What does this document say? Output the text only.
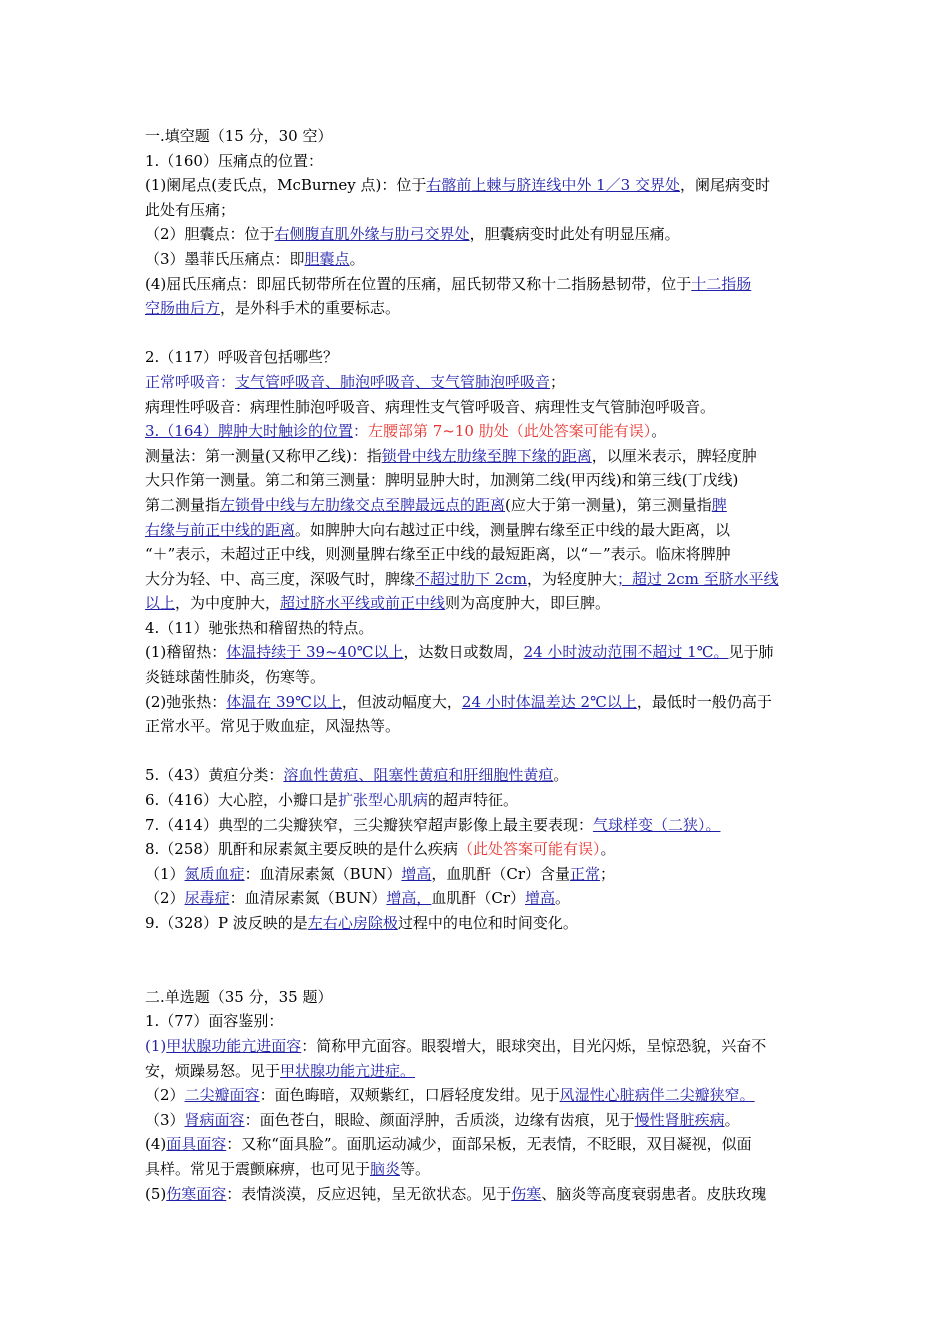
一.填空题（15 分，30 空）
1.（160）压痛点的位置：
(1)阑尾点(麦氏点，McBurney 点)：位于右髂前上棘与脐连线中外 1／3 交界处，阑尾病变时
此处有压痛；
（2）胆囊点：位于右侧腹直肌外缘与肋弓交界处，胆囊病变时此处有明显压痛。
（3）墨菲氏压痛点：即胆囊点。
(4)屈氏压痛点：即屈氏韧带所在位置的压痛，屈氏韧带又称十二指肠悬韧带，位于十二指肠
空肠曲后方，是外科手术的重要标志。
2.（117）呼吸音包括哪些？
正常呼吸音：支气管呼吸音、肺泡呼吸音、支气管肺泡呼吸音；
病理性呼吸音：病理性肺泡呼吸音、病理性支气管呼吸音、病理性支气管肺泡呼吸音。
3.（164）脾肿大时触诊的位置：左腰部第 7~10 肋处（此处答案可能有误）。
测量法：第一测量(又称甲乙线)：指锁骨中线左肋缘至脾下缘的距离，以厘米表示，脾轻度肿
大只作第一测量。第二和第三测量：脾明显肿大时，加测第二线(甲丙线)和第三线(丁戊线)
第二测量指左锁骨中线与左肋缘交点至脾最远点的距离(应大于第一测量)，第三测量指脾
右缘与前正中线的距离。如脾肿大向右越过正中线，测量脾右缘至正中线的最大距离，以
“＋”表示，未超过正中线，则测量脾右缘至正中线的最短距离，以“－”表示。临床将脾肿
大分为轻、中、高三度，深吸气时，脾缘不超过肋下 2cm，为轻度肿大；超过 2cm 至脐水平线
以上，为中度肿大，超过脐水平线或前正中线则为高度肿大，即巨脾。
4.（11）驰张热和稽留热的特点。
(1)稽留热：体温持续于 39~40℃以上，达数日或数周，24 小时波动范围不超过 1℃。见于肺
炎链球菌性肺炎，伤寒等。
(2)弛张热：体温在 39℃以上，但波动幅度大，24 小时体温差达 2℃以上，最低时一般仍高于
正常水平。常见于败血症，风湿热等。
5.（43）黄疸分类：溶血性黄疸、阻塞性黄疸和肝细胞性黄疸。
6.（416）大心腔，小瓣口是扩张型心肌病的超声特征。
7.（414）典型的二尖瓣狭窄，三尖瓣狭窄超声影像上最主要表现：气球样变（二狭）。
8.（258）肌酐和尿素氮主要反映的是什么疾病（此处答案可能有误）。
（1）氮质血症：血清尿素氮（BUN）增高，血肌酐（Cr）含量正常；
（2）尿毒症：血清尿素氮（BUN）增高，血肌酐（Cr）增高。
9.（328）P 波反映的是左右心房除极过程中的电位和时间变化。
二.单选题（35 分，35 题）
1.（77）面容鉴别：
(1)甲状腺功能亢进面容：简称甲亢面容。眼裂增大，眼球突出，目光闪烁，呈惊恐貌，兴奋不
安，烦躁易怒。见于甲状腺功能亢进症。
（2）二尖瓣面容：面色晦暗，双颊紫红，口唇轻度发绀。见于风湿性心脏病伴二尖瓣狭窄。
（3）肾病面容：面色苍白，眼睑、颜面浮肿，舌质淡，边缘有齿痕，见于慢性肾脏疾病。
(4)面具面容：又称“面具脸”。面肌运动减少，面部呆板，无表情，不眨眼，双目凝视，似面
具样。常见于震颤麻痹，也可见于脑炎等。
(5)伤寒面容：表情淡漠，反应迟钝，呈无欲状态。见于伤寒、脑炎等高度衰弱患者。皮肤玫瑰
